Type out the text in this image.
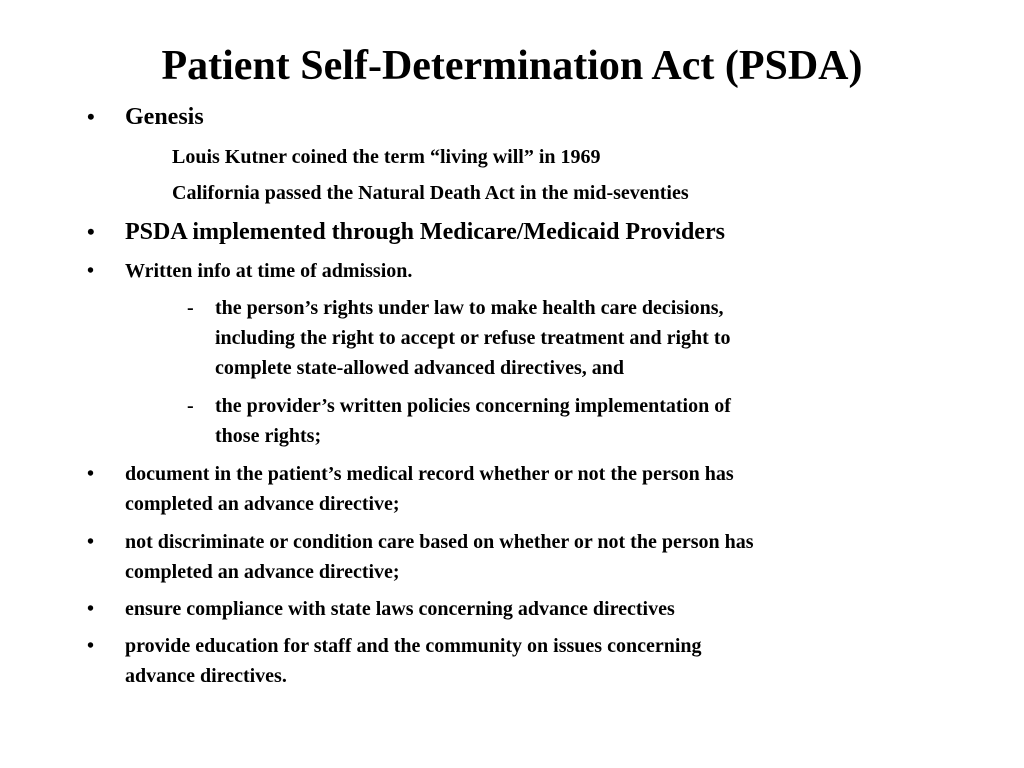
Patient Self-Determination Act (PSDA)
• Genesis
Louis Kutner coined the term “living will” in 1969
California passed the Natural Death Act in the mid-seventies
• PSDA implemented through Medicare/Medicaid Providers
• Written info at time of admission.
- the person’s rights under law to make health care decisions,
including the right to accept or refuse treatment and right to
complete state-allowed advanced directives, and
- the provider’s written policies concerning implementation of
those rights;
• document in the patient’s medical record whether or not the person has
completed an advance directive;
• not discriminate or condition care based on whether or not the person has
completed an advance directive;
• ensure compliance with state laws concerning advance directives
• provide education for staff and the community on issues concerning
advance directives.
